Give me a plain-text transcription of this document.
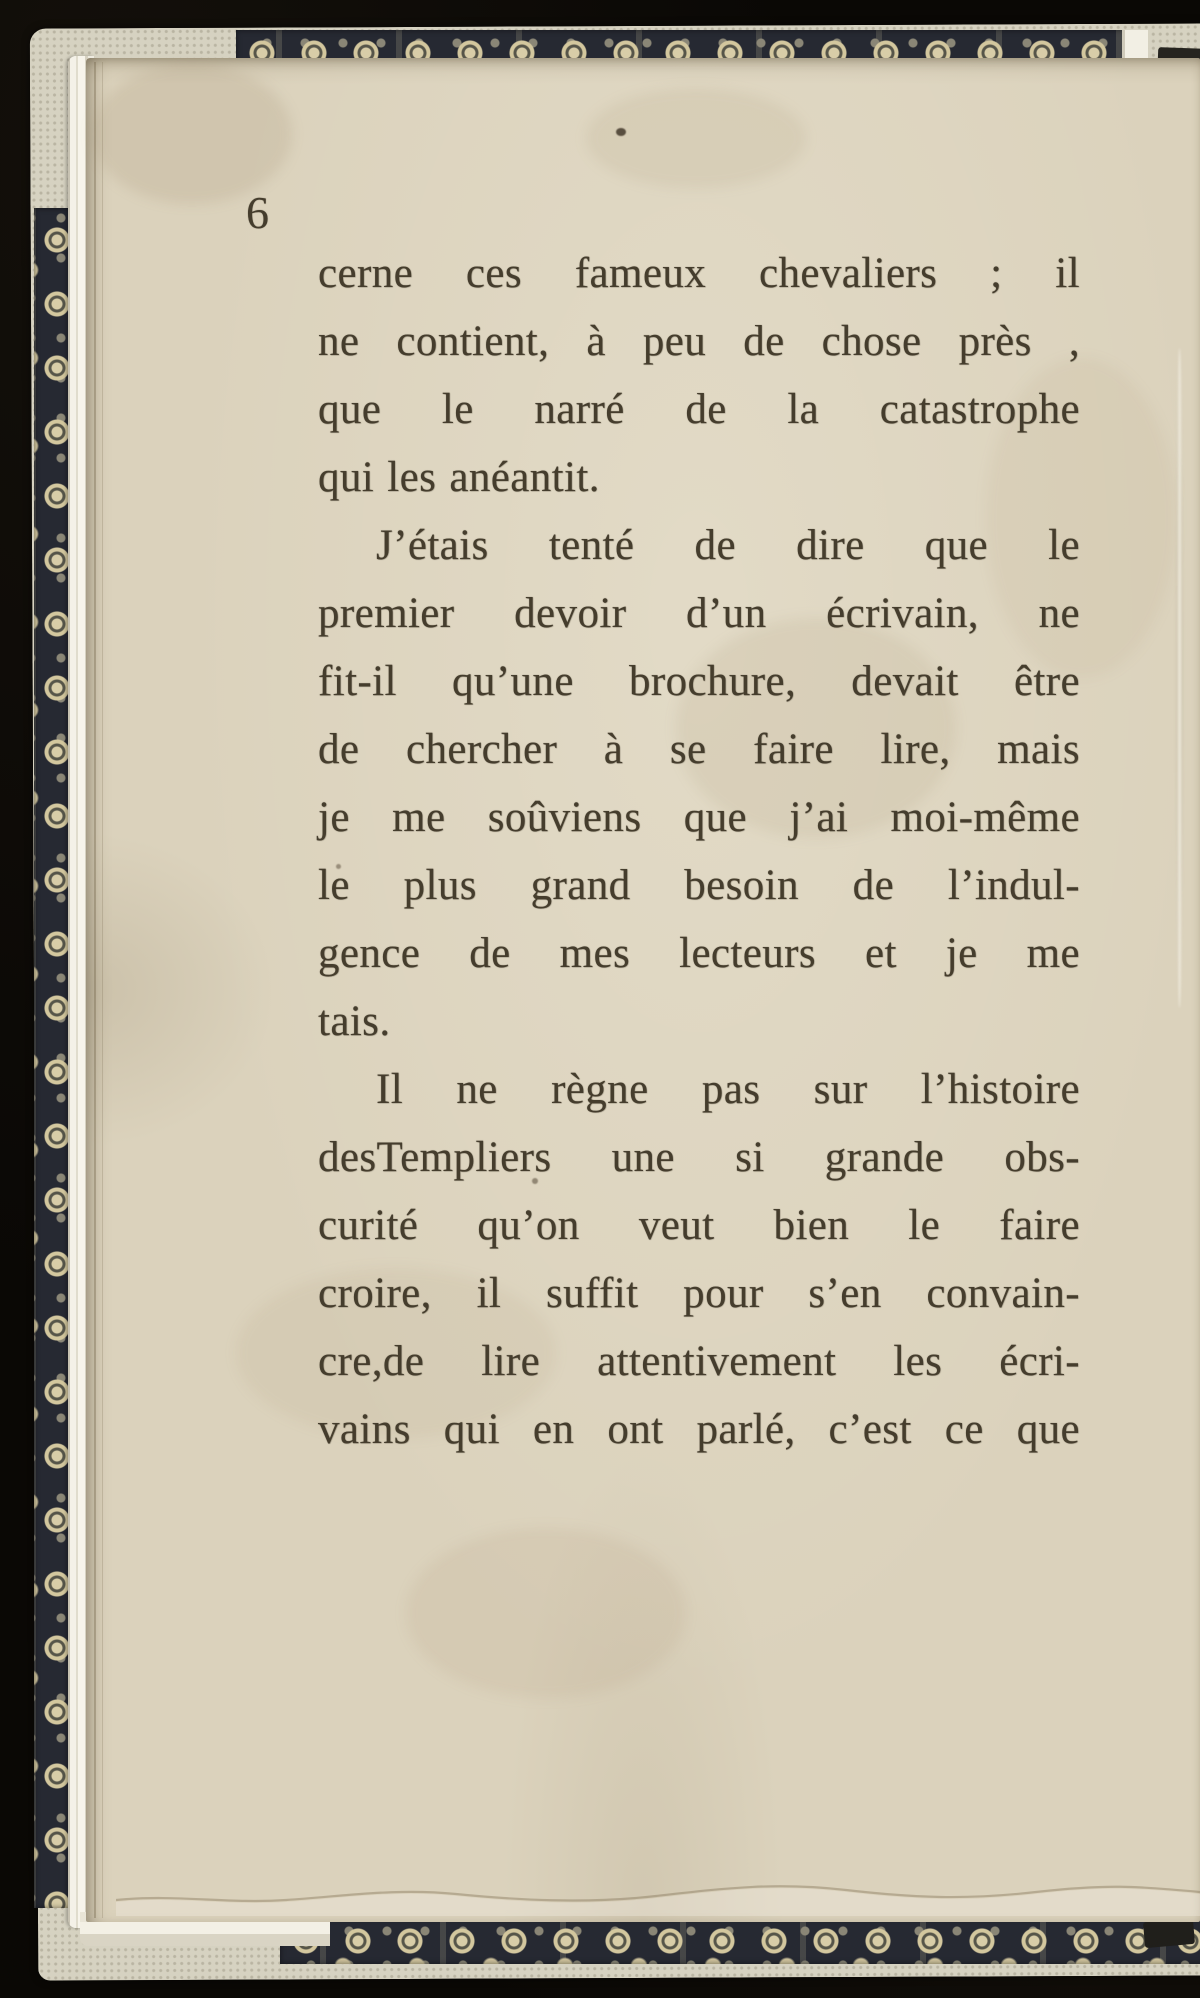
6
cerne ces fameux chevaliers ; il
ne contient, à peu de chose près ,
que le narré de la catastrophe
qui les anéantit.
J’étais tenté de dire que le
premier devoir d’un écrivain, ne
fit-il qu’une brochure, devait être
de chercher à se faire lire, mais
je me soûviens que j’ai moi-même
le plus grand besoin de l’indul-
gence de mes lecteurs et je me
tais.
Il ne règne pas sur l’histoire
desTempliers une si grande obs-
curité qu’on veut bien le faire
croire, il suffit pour s’en convain-
cre,de lire attentivement les écri-
vains qui en ont parlé, c’est ce que
